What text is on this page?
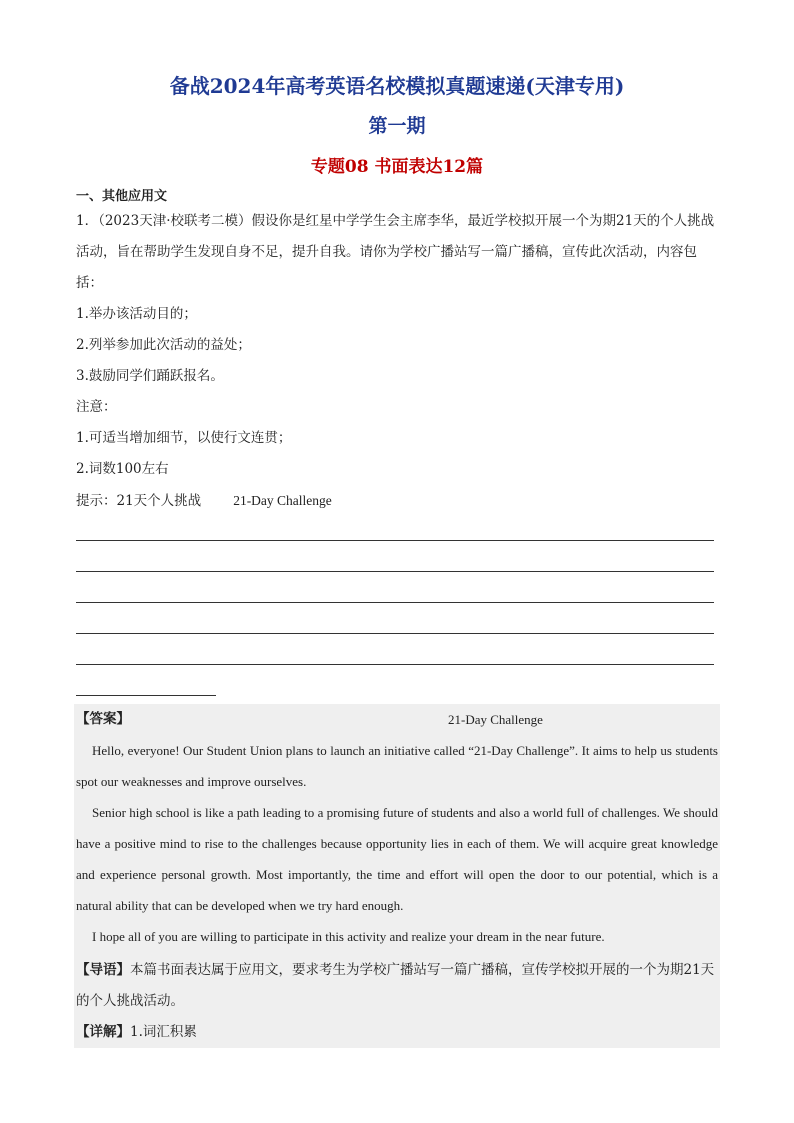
备战2024年高考英语名校模拟真题速递(天津专用)
第一期
专题08 书面表达12篇
一、其他应用文
1．（2023天津·校联考二模）假设你是红星中学学生会主席李华，最近学校拟开展一个为期21天的个人挑战活动，旨在帮助学生发现自身不足，提升自我。请你为学校广播站写一篇广播稿，宣传此次活动，内容包括：
1.举办该活动目的；
2.列举参加此次活动的益处；
3.鼓励同学们踊跃报名。
注意：
1.可适当增加细节，以使行文连贯；
2.词数100左右
提示：21天个人挑战 21-Day Challenge
【答案】	21-Day Challenge
Hello, everyone! Our Student Union plans to launch an initiative called “21-Day Challenge”. It aims to help us students spot our weaknesses and improve ourselves.
Senior high school is like a path leading to a promising future of students and also a world full of challenges. We should have a positive mind to rise to the challenges because opportunity lies in each of them. We will acquire great knowledge and experience personal growth. Most importantly, the time and effort will open the door to our potential, which is a natural ability that can be developed when we try hard enough.
I hope all of you are willing to participate in this activity and realize your dream in the near future.
【导语】本篇书面表达属于应用文，要求考生为学校广播站写一篇广播稿，宣传学校拟开展的一个为期21天的个人挑战活动。
【详解】1.词汇积累
